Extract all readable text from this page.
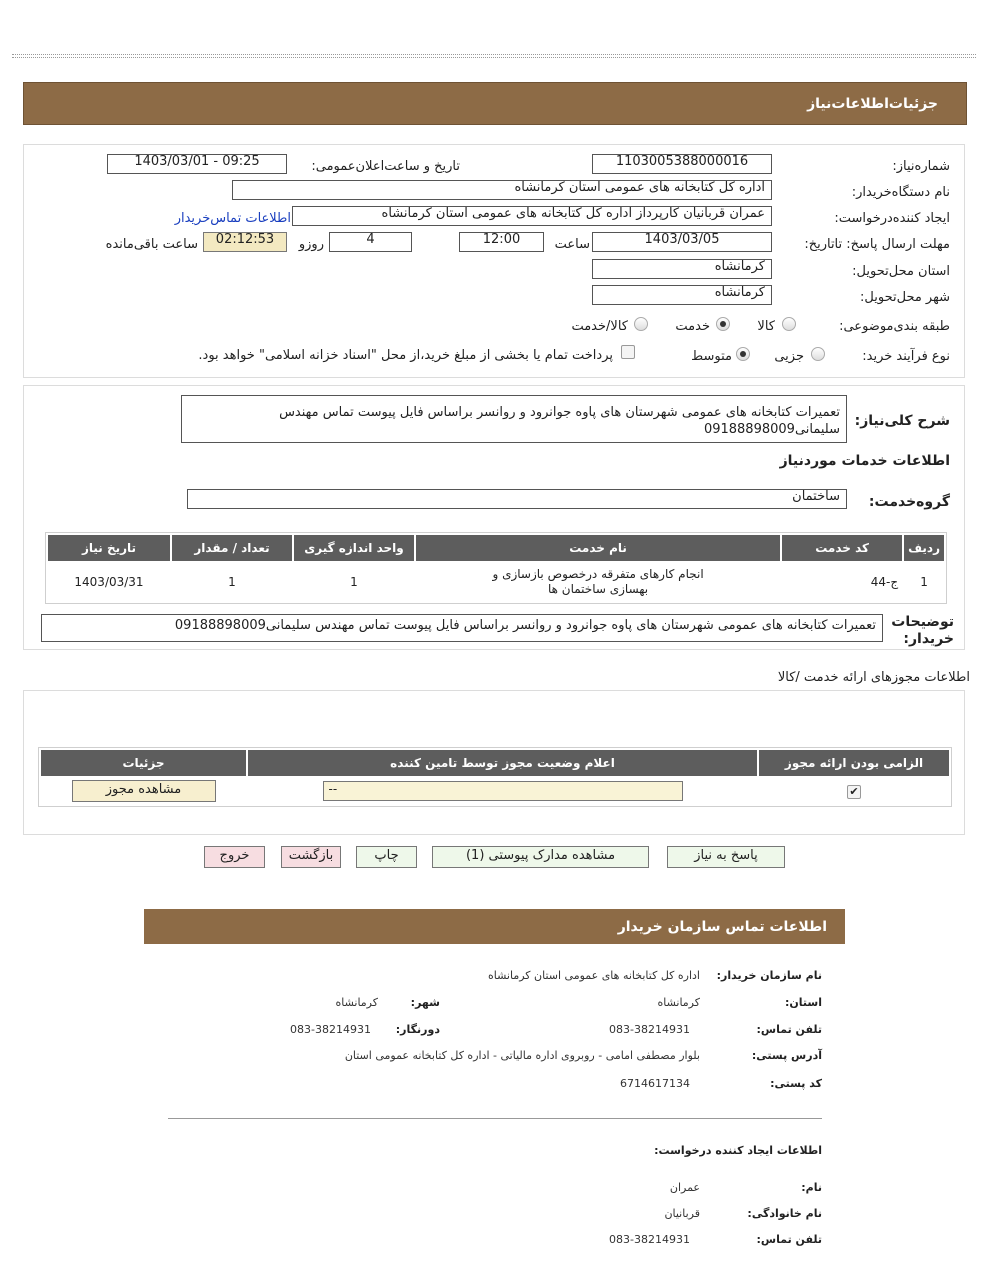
جزئیات‌اطلاعات‌نیاز
شماره‌نیاز:
1103005388000016
تاریخ و ساعت‌اعلان‌عمومی:
1403/03/01 - 09:25
نام دستگاه‌خریدار:
اداره کل کتابخانه های عمومی استان کرمانشاه
ایجاد کننده‌درخواست:
عمران قربانیان کارپرداز اداره کل کتابخانه های عمومی استان کرمانشاه
اطلاعات تماس‌خریدار
مهلت ارسال پاسخ: تاتاریخ:
1403/03/05
ساعت
12:00
4
روزو
02:12:53
ساعت باقی‌مانده
استان محل‌تحویل:
کرمانشاه
شهر محل‌تحویل:
کرمانشاه
طبقه بندی‌موضوعی:
کالا
خدمت
کالا/خدمت
نوع فرآیند خرید:
جزیی
متوسط
پرداخت تمام یا بخشی از مبلغ خرید،از محل "اسناد خزانه اسلامی" خواهد بود.
شرح کلی‌نیاز:
تعمیرات کتابخانه های عمومی شهرستان های پاوه جوانرود و روانسر براساس فایل پیوست تماس مهندس سلیمانی09188898009
اطلاعات خدمات مورد‌نیاز
گروه‌خدمت:
ساختمان
ردیف	کد خدمت	نام خدمت	واحد اندازه گیری	تعداد / مقدار	تاریخ نیاز
1	ج-44	انجام کارهای متفرقه درخصوص بازسازی و بهسازی ساختمان ها	1	1	1403/03/31
توضیحات خریدار:
تعمیرات کتابخانه های عمومی شهرستان های پاوه جوانرود و روانسر براساس فایل پیوست تماس مهندس سلیمانی09188898009
اطلاعات مجوزهای ارائه خدمت /کالا
الزامی بودن ارائه مجوز	اعلام وضعیت مجوز توسط تامین کننده	جزئیات
✔	--	مشاهده مجوز
پاسخ به نیاز
مشاهده مدارک پیوستی (1)
چاپ
بازگشت
خروج
اطلاعات تماس سازمان خریدار
نام سازمان خریدار:
اداره کل کتابخانه های عمومی استان کرمانشاه
استان:
کرمانشاه
شهر:
کرمانشاه
تلفن تماس:
083-38214931
دورنگار:
083-38214931
آدرس پستی:
بلوار مصطفی امامی - روبروی اداره مالیاتی - اداره کل کتابخانه عمومی استان
کد پستی:
6714617134
اطلاعات ایجاد کننده درخواست:
نام:
عمران
نام خانوادگی:
قربانیان
تلفن تماس:
083-38214931
